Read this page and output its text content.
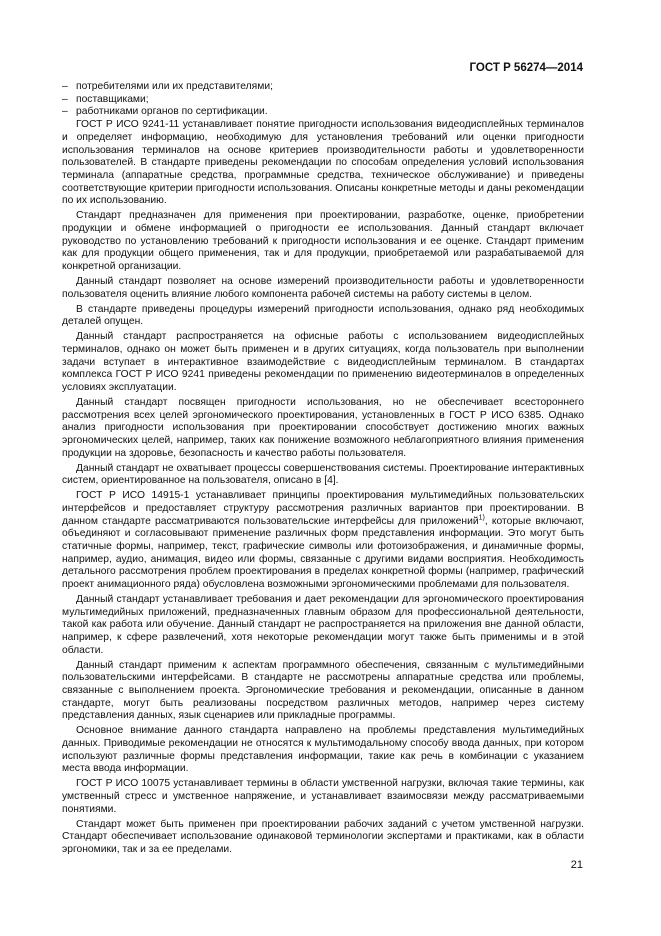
ГОСТ Р 56274—2014
– потребителями или их представителями;
– поставщиками;
– работниками органов по сертификации.

ГОСТ Р ИСО 9241-11 устанавливает понятие пригодности использования видеодисплейных терминалов и определяет информацию, необходимую для установления требований или оценки пригодности использования терминалов на основе критериев производительности работы и удовлетворенности пользователей. В стандарте приведены рекомендации по способам определения условий использования терминала (аппаратные средства, программные средства, техническое обслуживание) и приведены соответствующие критерии пригодности использования. Описаны конкретные методы и даны рекомендации по их использованию.

Стандарт предназначен для применения при проектировании, разработке, оценке, приобретении продукции и обмене информацией о пригодности ее использования. Данный стандарт включает руководство по установлению требований к пригодности использования и ее оценке. Стандарт применим как для продукции общего применения, так и для продукции, приобретаемой или разрабатываемой для конкретной организации.

Данный стандарт позволяет на основе измерений производительности работы и удовлетворенности пользователя оценить влияние любого компонента рабочей системы на работу системы в целом.

В стандарте приведены процедуры измерений пригодности использования, однако ряд необходимых деталей опущен.

Данный стандарт распространяется на офисные работы с использованием видеодисплейных терминалов, однако он может быть применен и в других ситуациях, когда пользователь при выполнении задачи вступает в интерактивное взаимодействие с видеодисплейным терминалом. В стандартах комплекса ГОСТ Р ИСО 9241 приведены рекомендации по применению видеотерминалов в определенных условиях эксплуатации.

Данный стандарт посвящен пригодности использования, но не обеспечивает всестороннего рассмотрения всех целей эргономического проектирования, установленных в ГОСТ Р ИСО 6385. Однако анализ пригодности использования при проектировании способствует достижению многих важных эргономических целей, например, таких как понижение возможного неблагоприятного влияния применения продукции на здоровье, безопасность и качество работы пользователя.

Данный стандарт не охватывает процессы совершенствования системы. Проектирование интерактивных систем, ориентированное на пользователя, описано в [4].

ГОСТ Р ИСО 14915-1 устанавливает принципы проектирования мультимедийных пользовательских интерфейсов и предоставляет структуру рассмотрения различных вариантов при проектировании. В данном стандарте рассматриваются пользовательские интерфейсы для приложений$^{1)}$, которые включают, объединяют и согласовывают применение различных форм представления информации. Это могут быть статичные формы, например, текст, графические символы или фотоизображения, и динамичные формы, например, аудио, анимация, видео или формы, связанные с другими видами восприятия. Необходимость детального рассмотрения проблем проектирования в пределах конкретной формы (например, графический проект анимационного ряда) обусловлена возможными эргономическими проблемами для пользователя.

Данный стандарт устанавливает требования и дает рекомендации для эргономического проектирования мультимедийных приложений, предназначенных главным образом для профессиональной деятельности, такой как работа или обучение. Данный стандарт не распространяется на приложения вне данной области, например, к сфере развлечений, хотя некоторые рекомендации могут также быть применимы и в этой области.

Данный стандарт применим к аспектам программного обеспечения, связанным с мультимедийными пользовательскими интерфейсами. В стандарте не рассмотрены аппаратные средства или проблемы, связанные с выполнением проекта. Эргономические требования и рекомендации, описанные в данном стандарте, могут быть реализованы посредством различных методов, например через систему представления данных, язык сценариев или прикладные программы.

Основное внимание данного стандарта направлено на проблемы представления мультимедийных данных. Приводимые рекомендации не относятся к мультимодальному способу ввода данных, при котором используют различные формы представления информации, такие как речь в комбинации с указанием места ввода информации.

ГОСТ Р ИСО 10075 устанавливает термины в области умственной нагрузки, включая такие термины, как умственный стресс и умственное напряжение, и устанавливает взаимосвязи между рассматриваемыми понятиями.

Стандарт может быть применен при проектировании рабочих заданий с учетом умственной нагрузки. Стандарт обеспечивает использование одинаковой терминологии экспертами и практиками, как в области эргономики, так и за ее пределами.

21
